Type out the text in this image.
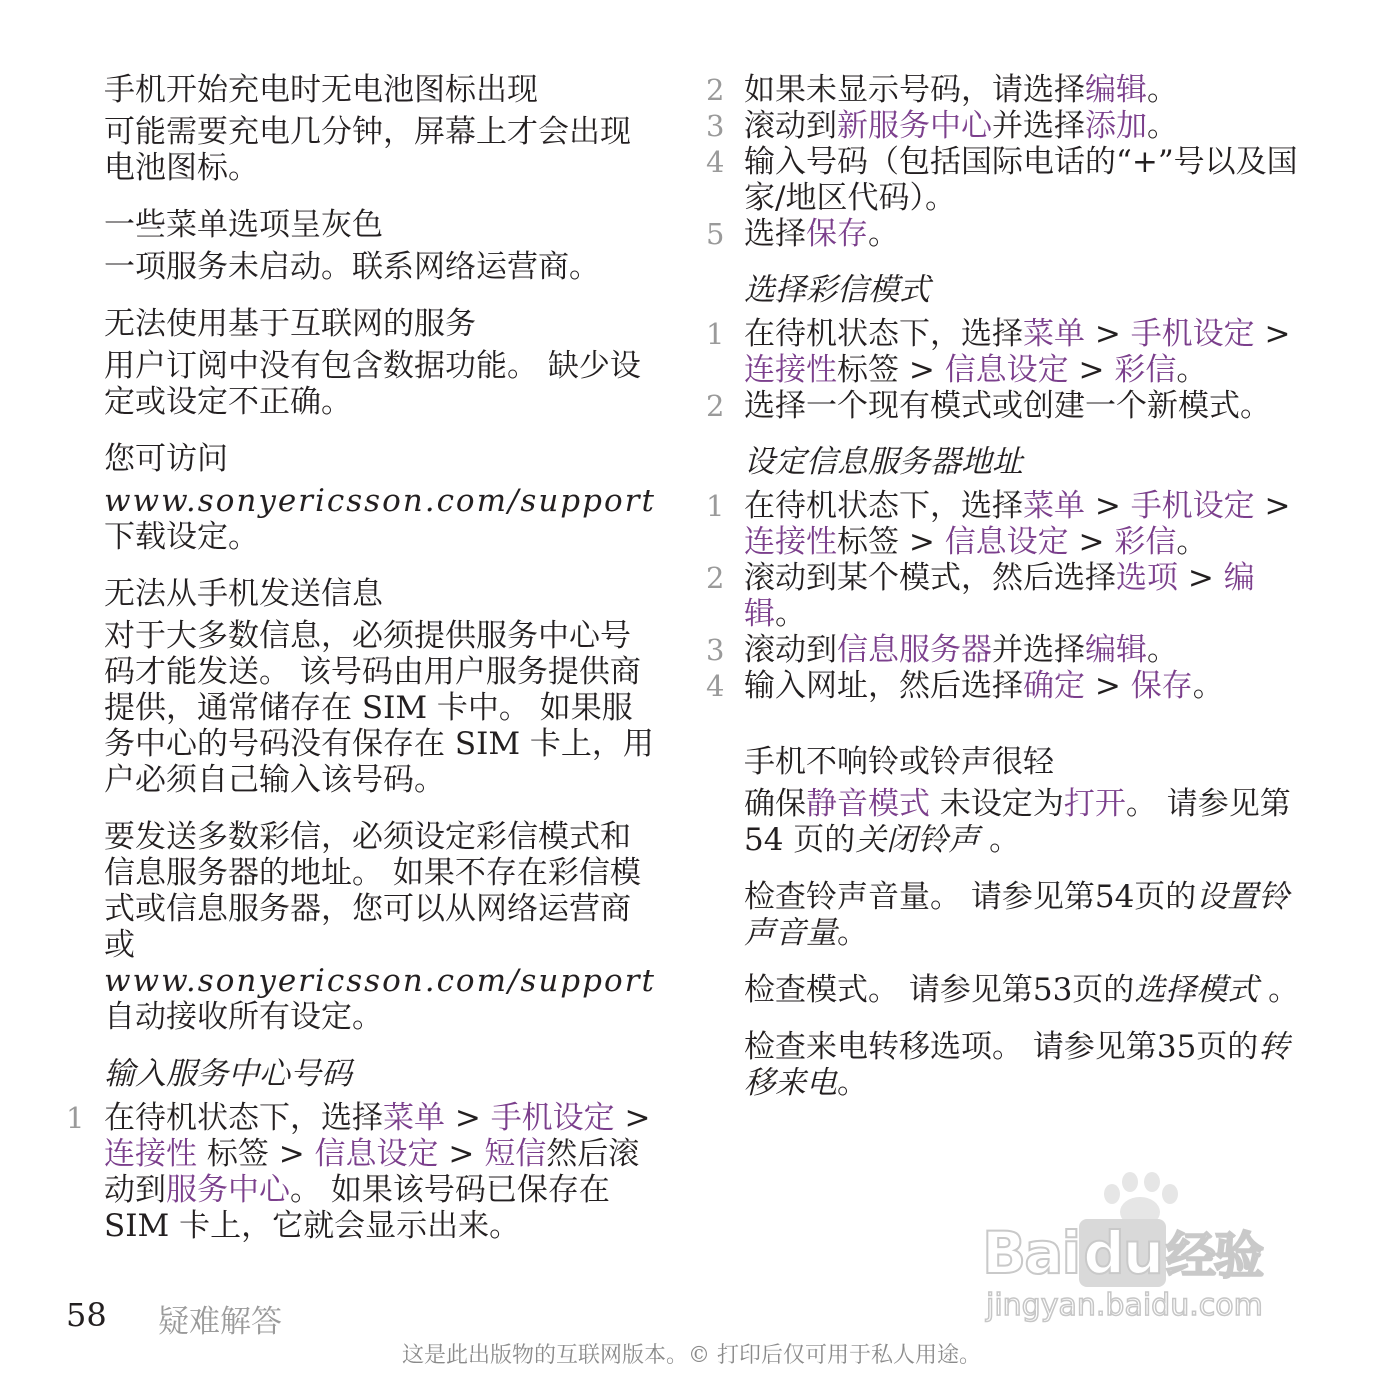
手机开始充电时无电池图标出现

可能需要充电几分钟，屏幕上才会出现电池图标。

一些菜单选项呈灰色

一项服务未启动。联系网络运营商。

无法使用基于互联网的服务

用户订阅中没有包含数据功能。 缺少设定或设定不正确。

您可访问

www.sonyericsson.com/support 下载设定。

无法从手机发送信息

对于大多数信息，必须提供服务中心号码才能发送。 该号码由用户服务提供商提供，通常储存在 SIM 卡中。 如果服务中心的号码没有保存在 SIM 卡上，用户必须自己输入该号码。

要发送多数彩信，必须设定彩信模式和信息服务器的地址。 如果不存在彩信模式或信息服务器，您可以从网络运营商或 www.sonyericsson.com/support 自动接收所有设定。

输入服务中心号码

1 在待机状态下，选择菜单 > 手机设定 > 连接性 标签 > 信息设定 > 短信然后滚动到服务中心。 如果该号码已保存在 SIM 卡上，它就会显示出来。
2 如果未显示号码，请选择编辑。
3 滚动到新服务中心并选择添加。
4 输入号码（包括国际电话的“+”号以及国家/地区代码）。
5 选择保存。

选择彩信模式

1 在待机状态下，选择菜单 > 手机设定 > 连接性标签 > 信息设定 > 彩信。
2 选择一个现有模式或创建一个新模式。

设定信息服务器地址

1 在待机状态下，选择菜单 > 手机设定 > 连接性标签 > 信息设定 > 彩信。
2 滚动到某个模式，然后选择选项 > 编辑。
3 滚动到信息服务器并选择编辑。
4 输入网址，然后选择确定 > 保存。

手机不响铃或铃声很轻

确保静音模式 未设定为打开。 请参见第 54 页的关闭铃声 。

检查铃声音量。 请参见第54页的设置铃声音量。

检查模式。 请参见第53页的选择模式 。

检查来电转移选项。 请参见第35页的转移来电。

Baidu经验
jingyan.baidu.com
58 疑难解答
这是此出版物的互联网版本。© 打印后仅可用于私人用途。
